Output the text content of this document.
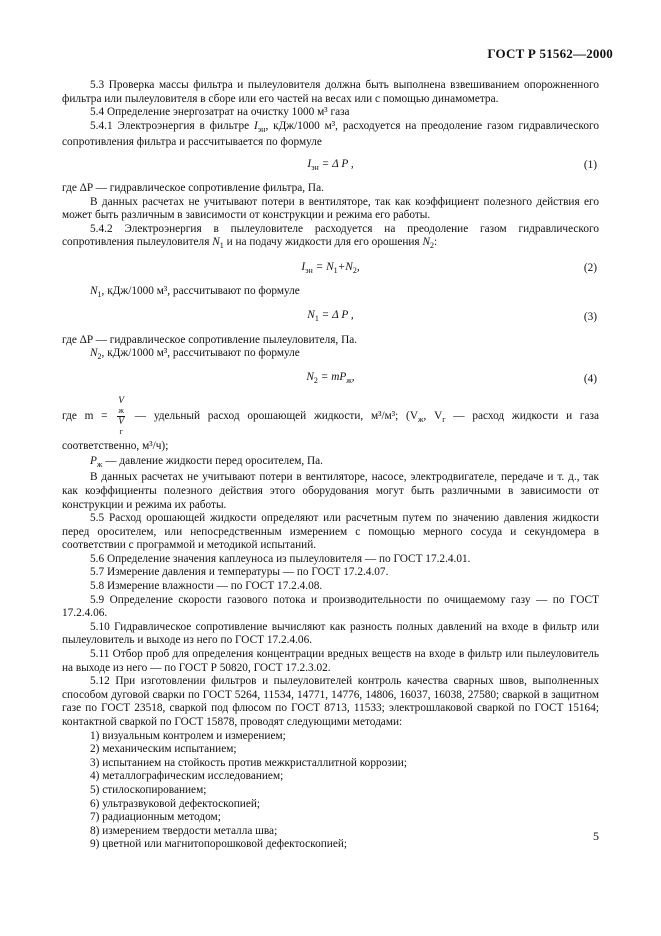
ГОСТ Р 51562—2000

5.3 Проверка массы фильтра и пылеуловителя должна быть выполнена взвешиванием опорожненного фильтра или пылеуловителя в сборе или его частей на весах или с помощью динамометра.

5.4 Определение энергозатрат на очистку 1000 м³ газа

5.4.1 Электроэнергия в фильтре $I_{эн}$, кДж/1000 м³, расходуется на преодоление газом гидравлического сопротивления фильтра и рассчитывается по формуле

$I_{эн} = \Delta$ P ,	(1)

где ΔP — гидравлическое сопротивление фильтра, Па.

В данных расчетах не учитывают потери в вентиляторе, так как коэффициент полезного действия его может быть различным в зависимости от конструкции и режима его работы.

5.4.2 Электроэнергия в пылеуловителе расходуется на преодоление газом гидравлического сопротивления пылеуловителя $N_1$ и на подачу жидкости для его орошения $N_2$:

$I_{эн} = N_1+N_2$,	(2)

$N_1$, кДж/1000 м³, рассчитывают по формуле

$N_1 = \Delta$ P ,	(3)

где ΔP — гидравлическое сопротивление пылеуловителя, Па.

$N_2$, кДж/1000 м³, рассчитывают по формуле

$N_2 = mP_ж$,	(4)

где m = V
ж
V
г — удельный расход орошающей жидкости, м³/м³; ($V_ж$, $V_г$ — расход жидкости и газа соответственно, м³/ч);

$P_ж$ — давление жидкости перед оросителем, Па.

В данных расчетах не учитывают потери в вентиляторе, насосе, электродвигателе, передаче и т. д., так как коэффициенты полезного действия этого оборудования могут быть различными в зависимости от конструкции и режима их работы.

5.5 Расход орошающей жидкости определяют или расчетным путем по значению давления жидкости перед оросителем, или непосредственным измерением с помощью мерного сосуда и секундомера в соответствии с программой и методикой испытаний.

5.6 Определение значения каплеуноса из пылеуловителя — по ГОСТ 17.2.4.01.

5.7 Измерение давления и температуры — по ГОСТ 17.2.4.07.

5.8 Измерение влажности — по ГОСТ 17.2.4.08.

5.9 Определение скорости газового потока и производительности по очищаемому газу — по ГОСТ 17.2.4.06.

5.10 Гидравлическое сопротивление вычисляют как разность полных давлений на входе в фильтр или пылеуловитель и выходе из него по ГОСТ 17.2.4.06.

5.11 Отбор проб для определения концентрации вредных веществ на входе в фильтр или пылеуловитель на выходе из него — по ГОСТ Р 50820, ГОСТ 17.2.3.02.

5.12 При изготовлении фильтров и пылеуловителей контроль качества сварных швов, выполненных способом дуговой сварки по ГОСТ 5264, 11534, 14771, 14776, 14806, 16037, 16038, 27580; сваркой в защитном газе по ГОСТ 23518, сваркой под флюсом по ГОСТ 8713, 11533; электрошлаковой сваркой по ГОСТ 15164; контактной сваркой по ГОСТ 15878, проводят следующими методами:

1) визуальным контролем и измерением;

2) механическим испытанием;

3) испытанием на стойкость против межкристаллитной коррозии;

4) металлографическим исследованием;

5) стилоскопированием;

6) ультразвуковой дефектоскопией;

7) радиационным методом;

8) измерением твердости металла шва;

9) цветной или магнитопорошковой дефектоскопией;

5
